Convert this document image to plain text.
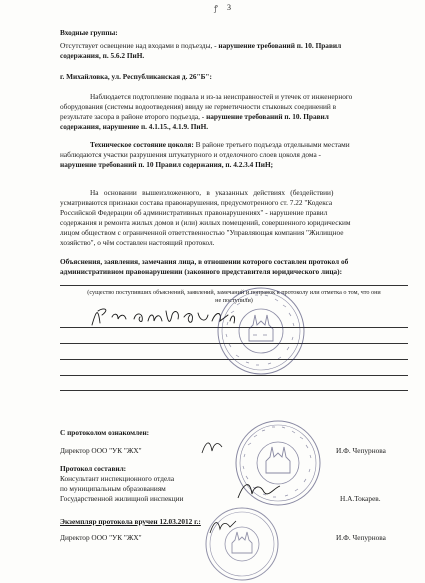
ꝭ 3

Входные группы:

Отсутствует освещение над входами в подъезды, - нарушение требований п. 10. Правил

содержания, п. 5.6.2 ПиН.

г. Михайловка, ул. Республиканская д. 26"Б":

Наблюдается подтопление подвала и из-за неисправностей и утечек от инженерного

оборудования (системы водоотведения) ввиду не герметичности стыковых соединений в

результате засора в районе второго подъезда, - нарушение требований п. 10. Правил

содержания, нарушение п. 4.1.15., 4.1.9. ПиН.

Техническое состояние цоколя: В районе третьего подъезда отдельными местами

наблюдаются участки разрушения штукатурного и отделочного слоев цоколя дома -

нарушение требований п. 10 Правил содержания, п. 4.2.3.4 ПиН;

На основании вышеизложенного, в указанных действиях (бездействии)

усматриваются признаки состава правонарушения, предусмотренного ст. 7.22 "Кодекса

Российской Федерации об административных правонарушениях" - нарушение правил

содержания и ремонта жилых домов и (или) жилых помещений, совершенного юридическим

лицом обществом с ограниченной ответственностью "Управляющая компания "Жилищное

хозяйство", о чём составлен настоящий протокол.

Объяснения, заявления, замечания лица, в отношении которого составлен протокол об

административном правонарушении (законного представителя юридического лица):

(существо поступивших объяснений, заявлений, замечаний и поправок к протоколу или отметка о том, что они

не поступили)

С протоколом ознакомлен:

Директор ООО "УК "ЖХ"	И.Ф. Чепурнова

Протокол составил:

Консультант инспекционного отдела

по муниципальным образованиям

Государственной жилищной инспекции	Н.А.Токарев.

Экземпляр протокола вручен 12.03.2012 г.:

Директор ООО "УК "ЖХ"	И.Ф. Чепурнова
